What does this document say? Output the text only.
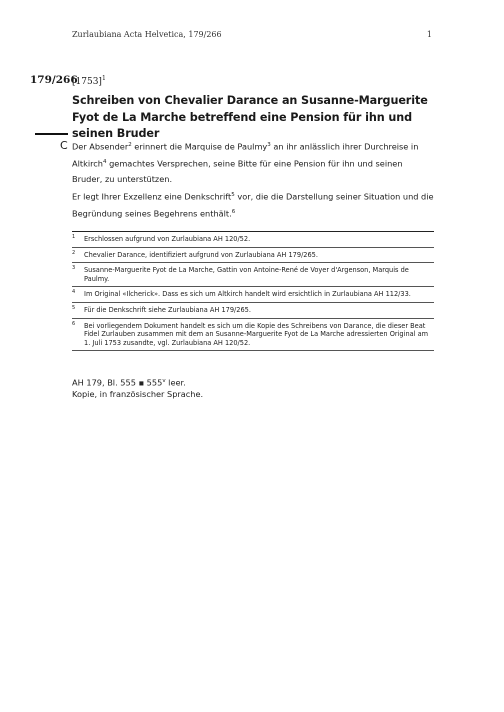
Zurlaubiana Acta Helvetica, 179/266	1
179/266
$[1753]^1$
Schreiben von Chevalier Darance an Susanne-Marguerite Fyot de La Marche betreffend eine Pension für ihn und seinen Bruder
C Der Absender$^2$ erinnert die Marquise de Paulmy$^3$ an ihr anlässlich ihrer Durchreise in Altkirch$^4$ gemachtes Versprechen, seine Bitte für eine Pension für ihn und seinen Bruder, zu unterstützen.

Er legt Ihrer Exzellenz eine Denkschrift$^5$ vor, die die Darstellung seiner Situation und die Begründung seines Begehrens enthält.$^6$

1 Erschlossen aufgrund von Zurlaubiana AH 120/52.
2 Chevalier Darance, identifiziert aufgrund von Zurlaubiana AH 179/265.
3 Susanne-Marguerite Fyot de La Marche, Gattin von Antoine-René de Voyer d'Argenson, Marquis de Paulmy.
4 Im Original «Ilcherick». Dass es sich um Altkirch handelt wird ersichtlich in Zurlaubiana AH 112/33.
5 Für die Denkschrift siehe Zurlaubiana AH 179/265.
6 Bei vorliegendem Dokument handelt es sich um die Kopie des Schreibens von Darance, die dieser Beat Fidel Zurlauben zusammen mit dem an Susanne-Marguerite Fyot de La Marche adressierten Original am 1. Juli 1753 zusandte, vgl. Zurlaubiana AH 120/52.
AH 179, Bl. 555 ▪ 555$^v$ leer.
Kopie, in französischer Sprache.
